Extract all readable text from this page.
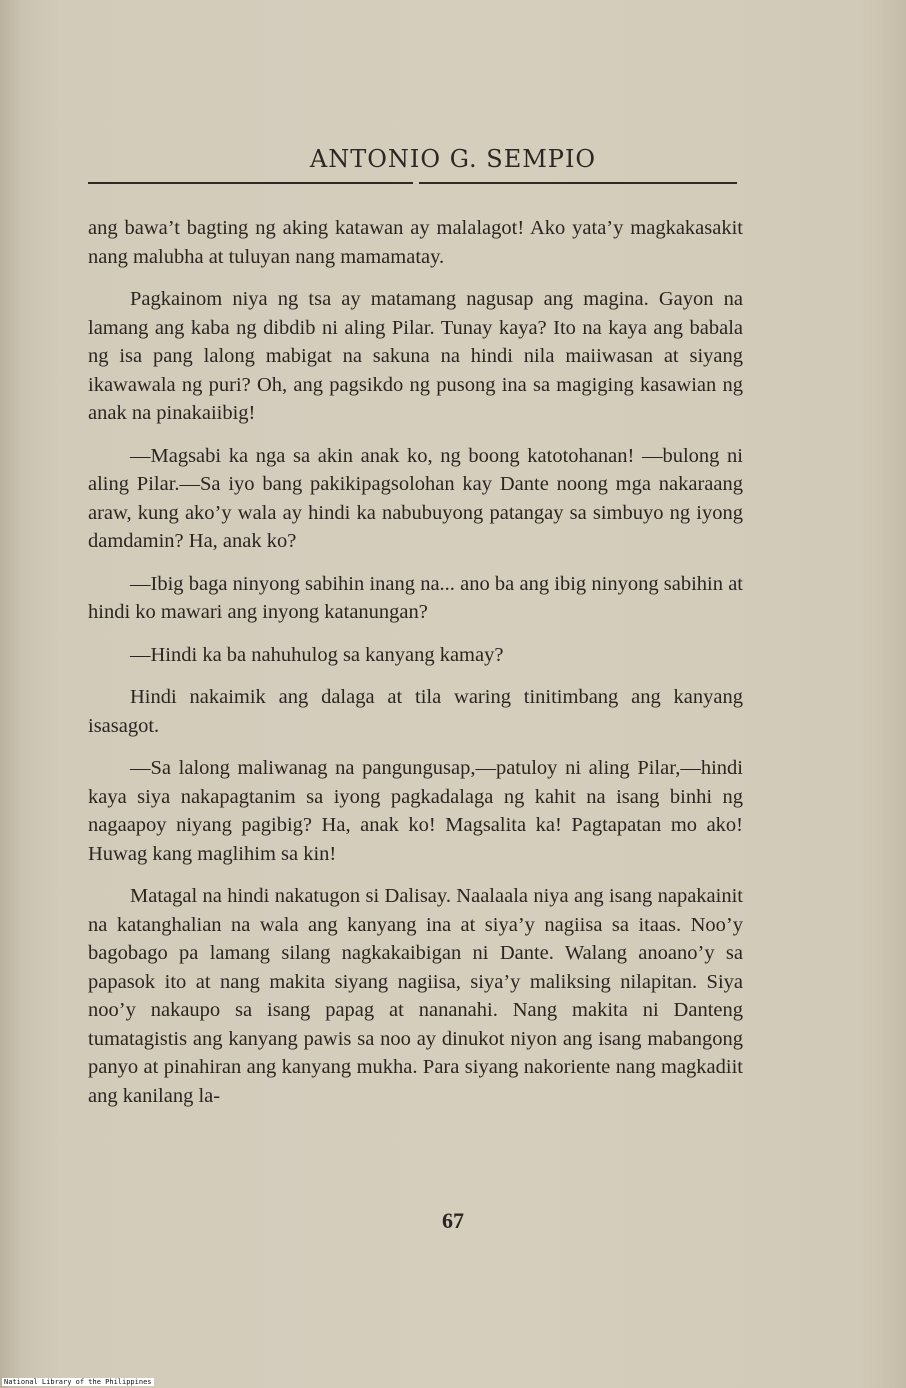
ANTONIO G. SEMPIO

ang bawa’t bagting ng aking katawan ay malalagot! Ako yata’y magkakasakit nang malubha at tuluyan nang mamamatay.

Pagkainom niya ng tsa ay matamang nagusap ang magina. Gayon na lamang ang kaba ng dibdib ni aling Pilar. Tunay kaya? Ito na kaya ang babala ng isa pang lalong mabigat na sakuna na hindi nila maiiwasan at siyang ikawawala ng puri? Oh, ang pagsikdo ng pusong ina sa magiging kasawian ng anak na pinakaiibig!

—Magsabi ka nga sa akin anak ko, ng boong katotohanan! —bulong ni aling Pilar.—Sa iyo bang pakikipagsolohan kay Dante noong mga nakaraang araw, kung ako’y wala ay hindi ka nabubuyong patangay sa simbuyo ng iyong damdamin? Ha, anak ko?

—Ibig baga ninyong sabihin inang na... ano ba ang ibig ninyong sabihin at hindi ko mawari ang inyong katanungan?

—Hindi ka ba nahuhulog sa kanyang kamay?

Hindi nakaimik ang dalaga at tila waring tinitimbang ang kanyang isasagot.

—Sa lalong maliwanag na pangungusap,—patuloy ni aling Pilar,—hindi kaya siya nakapagtanim sa iyong pagkadalaga ng kahit na isang binhi ng nagaapoy niyang pagibig? Ha, anak ko! Magsalita ka! Pagtapatan mo ako! Huwag kang maglihim sa kin!

Matagal na hindi nakatugon si Dalisay. Naalaala niya ang isang napakainit na katanghalian na wala ang kanyang ina at siya’y nagiisa sa itaas. Noo’y bagobago pa lamang silang nagkakaibigan ni Dante. Walang anoano’y sa papasok ito at nang makita siyang nagiisa, siya’y maliksing nilapitan. Siya noo’y nakaupo sa isang papag at nananahi. Nang makita ni Danteng tumatagistis ang kanyang pawis sa noo ay dinukot niyon ang isang mabangong panyo at pinahiran ang kanyang mukha. Para siyang nakoriente nang magkadiit ang kanilang la-

67
National Library of the Philippines
